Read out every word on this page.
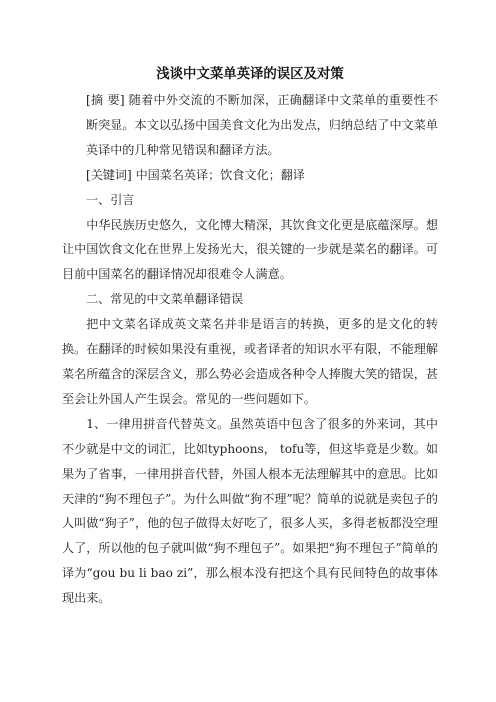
浅谈中文菜单英译的误区及对策

[摘 要] 随着中外交流的不断加深，正确翻译中文菜单的重要性不断突显。本文以弘扬中国美食文化为出发点，归纳总结了中文菜单英译中的几种常见错误和翻译方法。

[关键词] 中国菜名英译；饮食文化；翻译

一、引言

中华民族历史悠久，文化博大精深，其饮食文化更是底蕴深厚。想让中国饮食文化在世界上发扬光大，很关键的一步就是菜名的翻译。可目前中国菜名的翻译情况却很难令人满意。

二、常见的中文菜单翻译错误

把中文菜名译成英文菜名并非是语言的转换，更多的是文化的转换。在翻译的时候如果没有重视，或者译者的知识水平有限，不能理解菜名所蕴含的深层含义，那么势必会造成各种令人捧腹大笑的错误，甚至会让外国人产生误会。常见的一些问题如下。

1、一律用拼音代替英文。虽然英语中包含了很多的外来词，其中不少就是中文的词汇，比如typhoons， tofu等，但这毕竟是少数。如果为了省事，一律用拼音代替，外国人根本无法理解其中的意思。比如天津的“狗不理包子”。为什么叫做“狗不理”呢？简单的说就是卖包子的人叫做“狗子”，他的包子做得太好吃了，很多人买，多得老板都没空理人了，所以他的包子就叫做“狗不理包子”。如果把“狗不理包子”简单的译为“gou bu li bao zi”，那么根本没有把这个具有民间特色的故事体现出来。
